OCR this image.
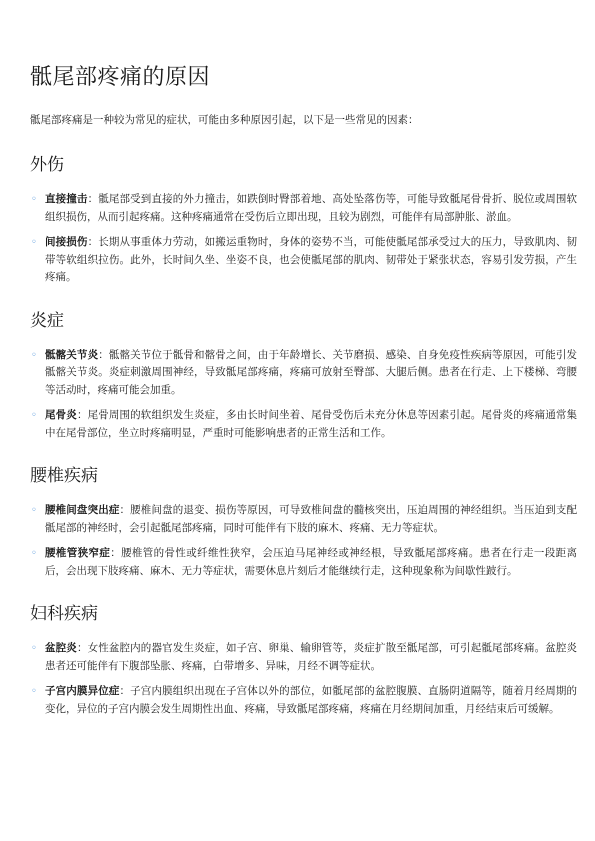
骶尾部疼痛的原因

骶尾部疼痛是一种较为常见的症状，可能由多种原因引起，以下是一些常见的因素：

外伤
◦ 直接撞击：骶尾部受到直接的外力撞击，如跌倒时臀部着地、高处坠落伤等，可能导致骶尾骨骨折、脱位或周围软组织损伤，从而引起疼痛。这种疼痛通常在受伤后立即出现，且较为剧烈，可能伴有局部肿胀、淤血。
◦ 间接损伤：长期从事重体力劳动，如搬运重物时，身体的姿势不当，可能使骶尾部承受过大的压力，导致肌肉、韧带等软组织拉伤。此外，长时间久坐、坐姿不良，也会使骶尾部的肌肉、韧带处于紧张状态，容易引发劳损，产生疼痛。
炎症
◦ 骶髂关节炎：骶髂关节位于骶骨和髂骨之间，由于年龄增长、关节磨损、感染、自身免疫性疾病等原因，可能引发骶髂关节炎。炎症刺激周围神经，导致骶尾部疼痛，疼痛可放射至臀部、大腿后侧。患者在行走、上下楼梯、弯腰等活动时，疼痛可能会加重。
◦ 尾骨炎：尾骨周围的软组织发生炎症，多由长时间坐着、尾骨受伤后未充分休息等因素引起。尾骨炎的疼痛通常集中在尾骨部位，坐立时疼痛明显，严重时可能影响患者的正常生活和工作。
腰椎疾病
◦ 腰椎间盘突出症：腰椎间盘的退变、损伤等原因，可导致椎间盘的髓核突出，压迫周围的神经组织。当压迫到支配骶尾部的神经时，会引起骶尾部疼痛，同时可能伴有下肢的麻木、疼痛、无力等症状。
◦ 腰椎管狭窄症：腰椎管的骨性或纤维性狭窄，会压迫马尾神经或神经根，导致骶尾部疼痛。患者在行走一段距离后，会出现下肢疼痛、麻木、无力等症状，需要休息片刻后才能继续行走，这种现象称为间歇性跛行。
妇科疾病
◦ 盆腔炎：女性盆腔内的器官发生炎症，如子宫、卵巢、输卵管等，炎症扩散至骶尾部，可引起骶尾部疼痛。盆腔炎患者还可能伴有下腹部坠胀、疼痛，白带增多、异味，月经不调等症状。
◦ 子宫内膜异位症：子宫内膜组织出现在子宫体以外的部位，如骶尾部的盆腔腹膜、直肠阴道隔等，随着月经周期的变化，异位的子宫内膜会发生周期性出血、疼痛，导致骶尾部疼痛，疼痛在月经期间加重，月经结束后可缓解。
